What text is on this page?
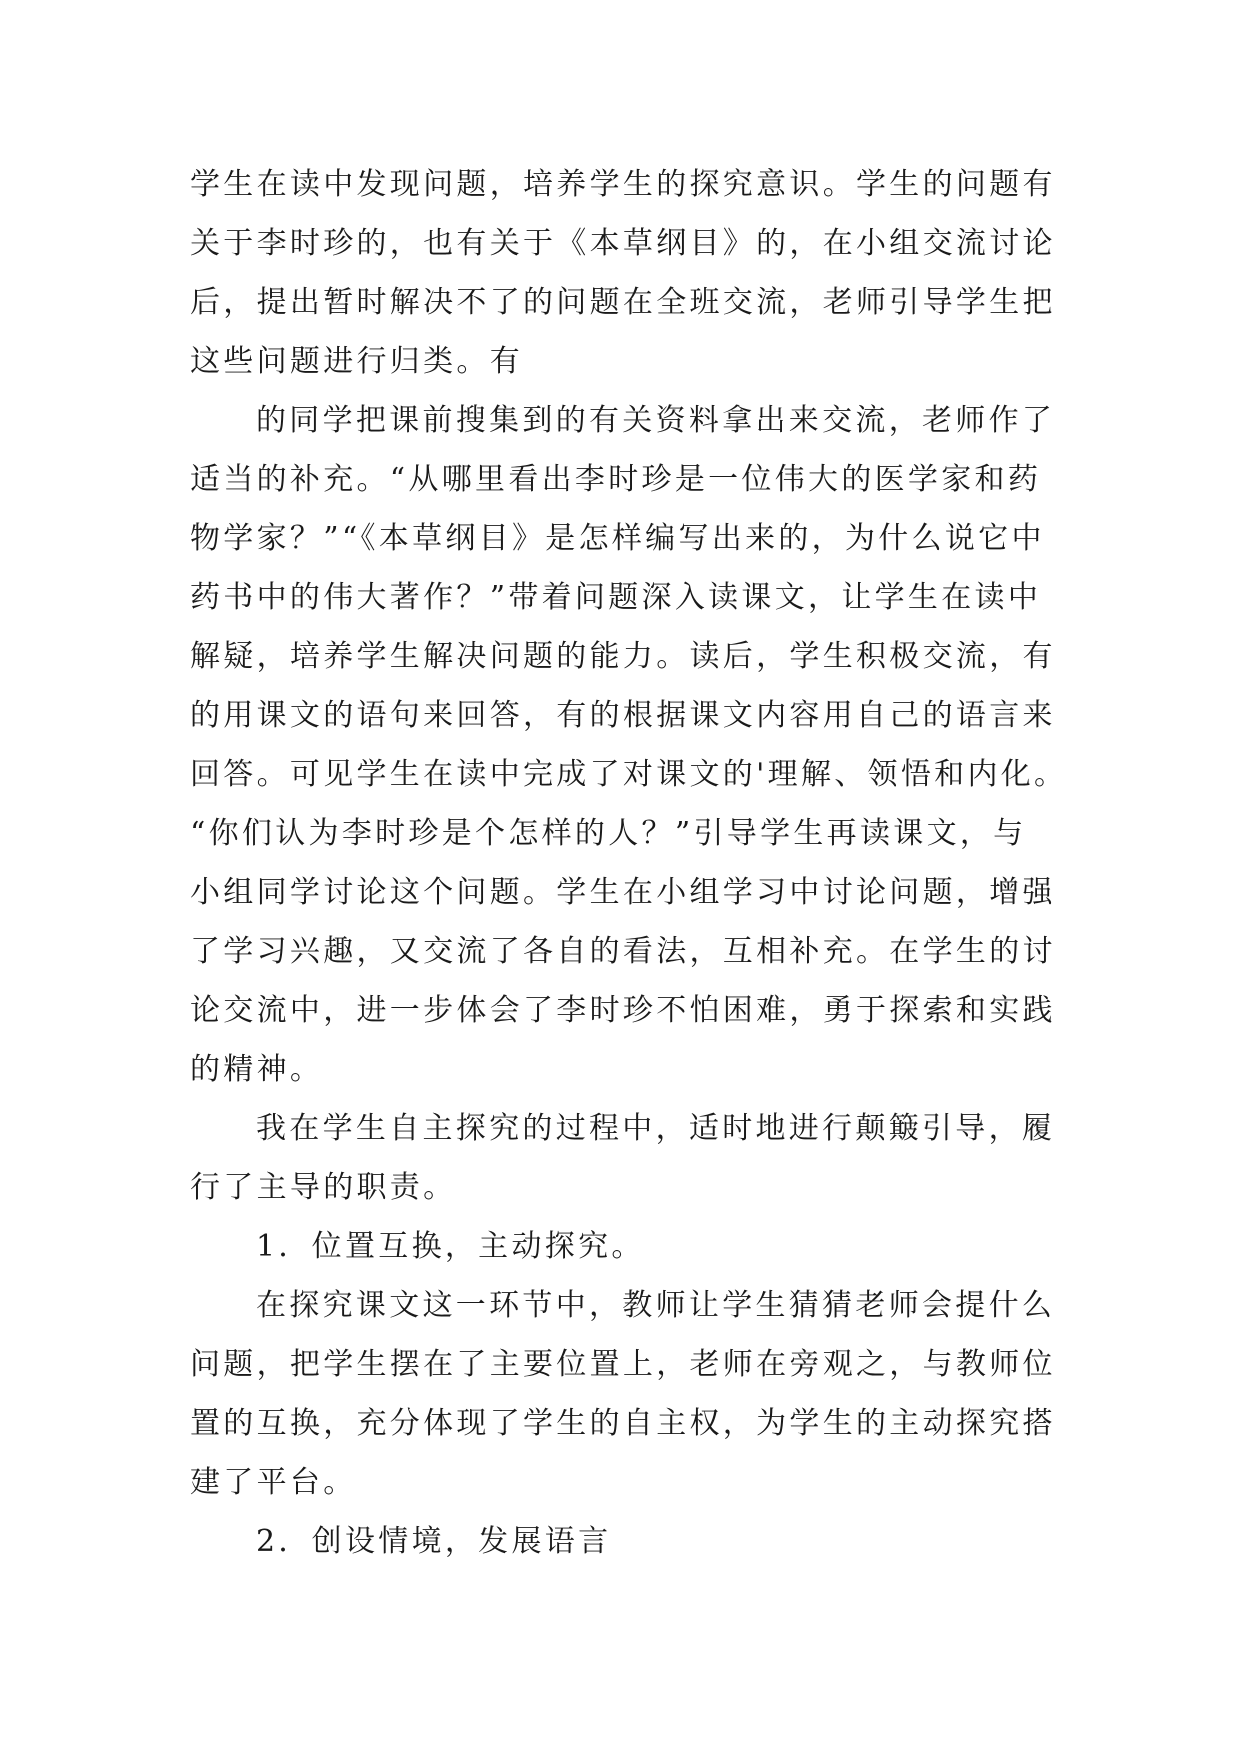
学生在读中发现问题，培养学生的探究意识。学生的问题有
关于李时珍的，也有关于《本草纲目》的，在小组交流讨论
后，提出暂时解决不了的问题在全班交流，老师引导学生把
这些问题进行归类。有
的同学把课前搜集到的有关资料拿出来交流，老师作了
适当的补充。“从哪里看出李时珍是一位伟大的医学家和药
物学家？”“《本草纲目》是怎样编写出来的，为什么说它中
药书中的伟大著作？”带着问题深入读课文，让学生在读中
解疑，培养学生解决问题的能力。读后，学生积极交流，有
的用课文的语句来回答，有的根据课文内容用自己的语言来
回答。可见学生在读中完成了对课文的'理解、领悟和内化。
“你们认为李时珍是个怎样的人？”引导学生再读课文，与
小组同学讨论这个问题。学生在小组学习中讨论问题，增强
了学习兴趣，又交流了各自的看法，互相补充。在学生的讨
论交流中，进一步体会了李时珍不怕困难，勇于探索和实践
的精神。
我在学生自主探究的过程中，适时地进行颠簸引导，履
行了主导的职责。
1．位置互换，主动探究。
在探究课文这一环节中，教师让学生猜猜老师会提什么
问题，把学生摆在了主要位置上，老师在旁观之，与教师位
置的互换，充分体现了学生的自主权，为学生的主动探究搭
建了平台。
2．创设情境，发展语言
